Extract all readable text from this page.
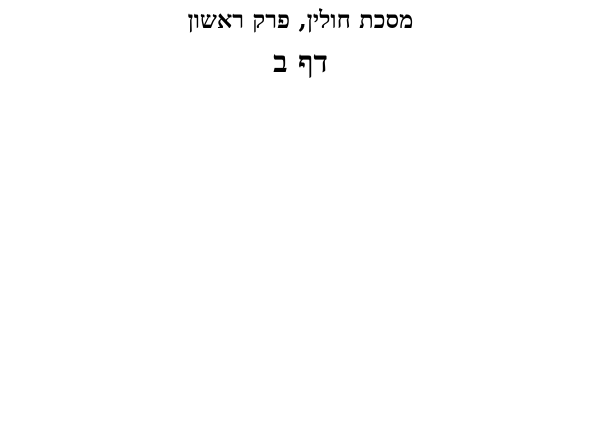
מסכת חולין, פרק ראשון
דף ב
